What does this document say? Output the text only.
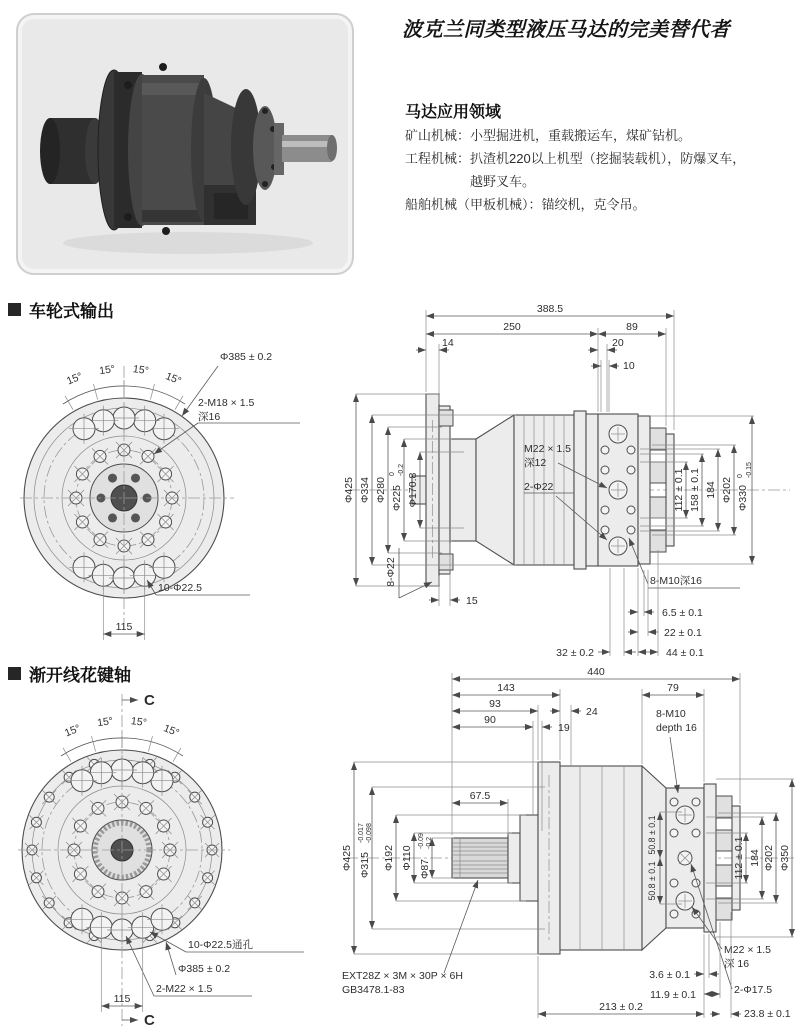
波克兰同类型液压马达的完美替代者
马达应用领域
矿山机械：小型掘进机，重载搬运车，煤矿钻机。
工程机械：扒渣机220以上机型（挖掘装载机），防爆叉车，
越野叉车。
船舶机械（甲板机械）：锚绞机，克令吊。
车轮式输出
15°
15° 15°
15°
Φ385 ± 0.2
2-M18 × 1.5
深16
10-Φ22.5
115
388.5
250	89
14	20
10
Φ425 Φ334 Φ280 Φ225
0 -0.2
Φ170.8
M22 × 1.5
深12
2-Φ22
8-M10深16
112 ± 0.1 158 ± 0.1 184 Φ202 Φ330
0 -0.15
8-Φ22
15
6.5 ± 0.1
22 ± 0.1
32 ± 0.2	44 ± 0.1
渐开线花键轴
C
C
15°
15° 15°
15°
10-Φ22.5通孔
Φ385 ± 0.2
2-M22 × 1.5
115
440
143	79
93
24
90
19
67.5
Φ425 Φ315
-0.017 -0.098
Φ192 Φ110 Φ87
-0.09 -0.2	50.8 ± 0.1
50.8 ± 0.1
112 ± 0.1 184 Φ202 Φ350
8-M10
depth 16
M22 × 1.5
深 16
2-Φ17.5
EXT28Z × 3M × 30P × 6H
GB3478.1-83
3.6 ± 0.1
11.9 ± 0.1
213 ± 0.2
23.8 ± 0.1
